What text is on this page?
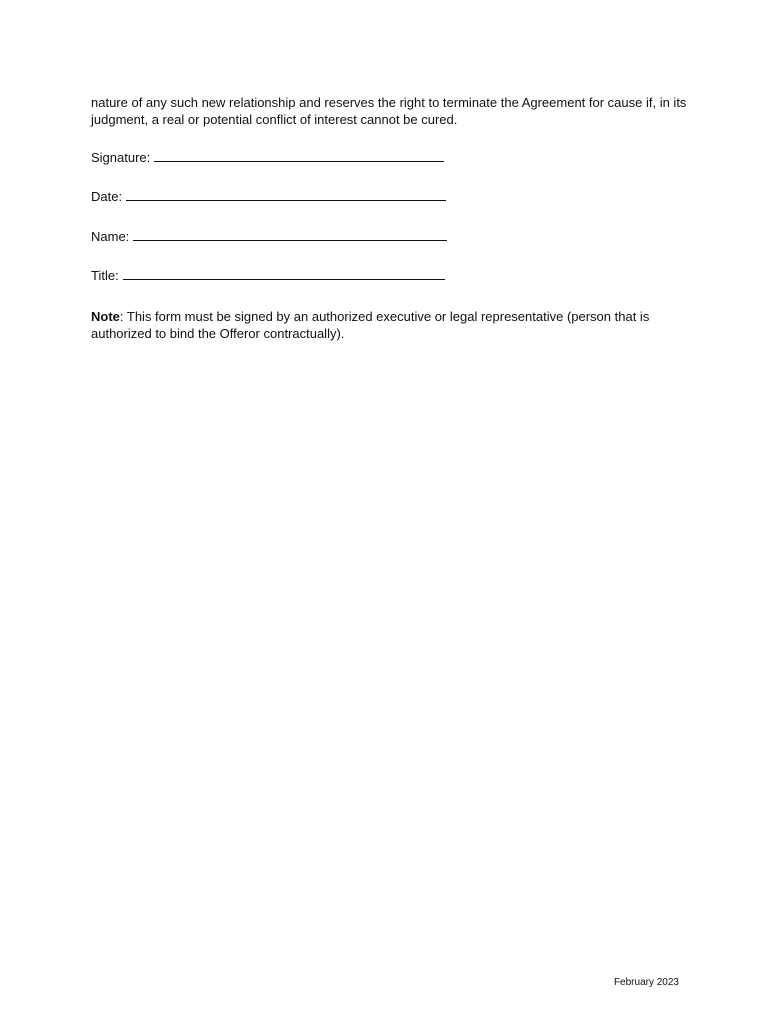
nature of any such new relationship and reserves the right to terminate the Agreement for cause if, in its judgment, a real or potential conflict of interest cannot be cured.

Signature:
Date:
Name:
Title:

Note: This form must be signed by an authorized executive or legal representative (person that is authorized to bind the Offeror contractually).

February 2023
